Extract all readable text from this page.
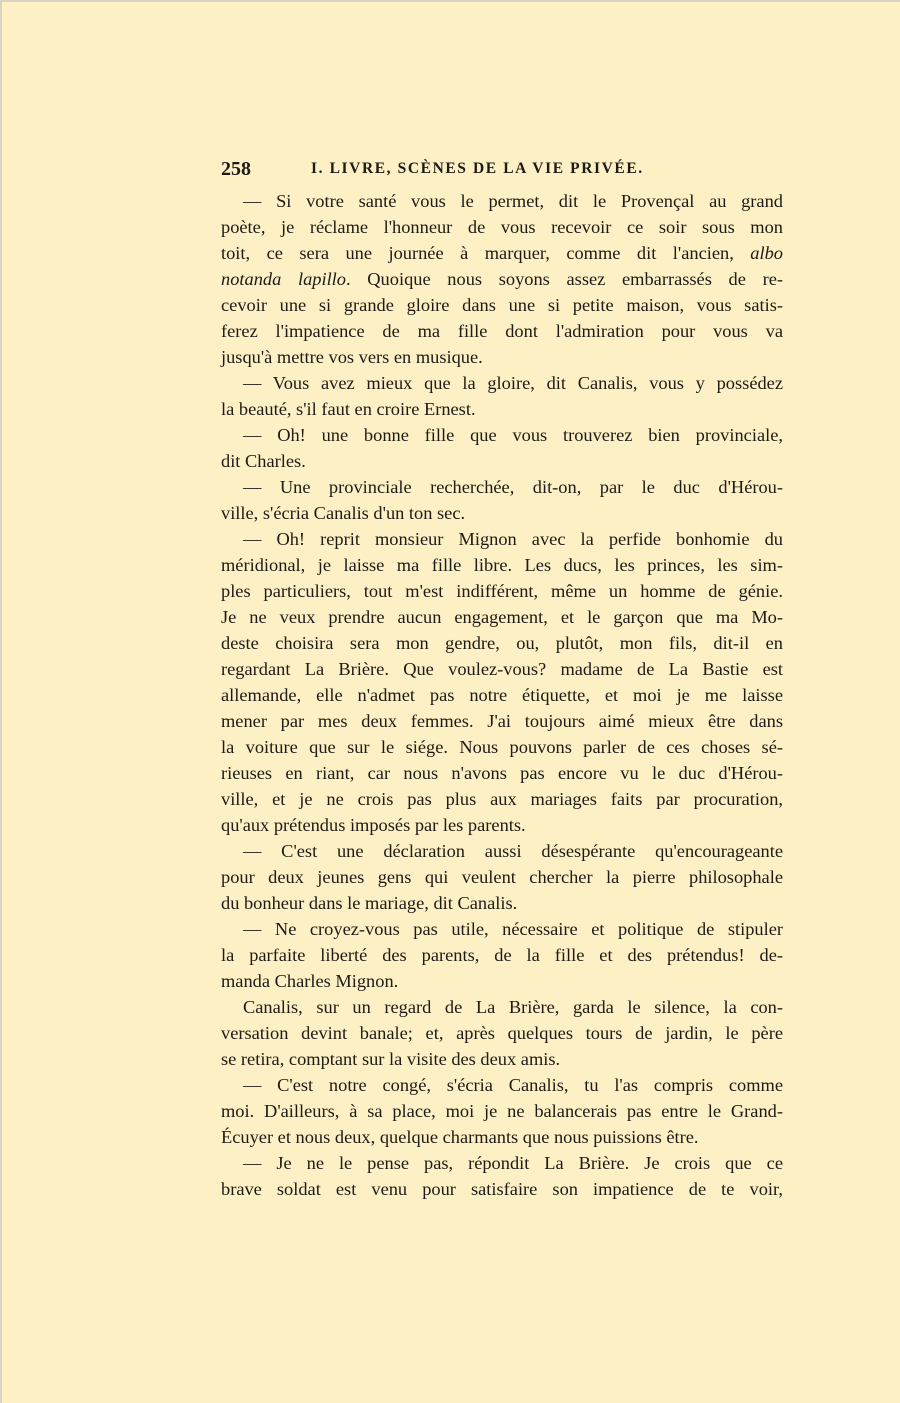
258	I. LIVRE, SCÈNES DE LA VIE PRIVÉE.
— Si votre santé vous le permet, dit le Provençal au grand
poète, je réclame l'honneur de vous recevoir ce soir sous mon
toit, ce sera une journée à marquer, comme dit l'ancien, albo
notanda lapillo. Quoique nous soyons assez embarrassés de re-
cevoir une si grande gloire dans une si petite maison, vous satis-
ferez l'impatience de ma fille dont l'admiration pour vous va
jusqu'à mettre vos vers en musique.
— Vous avez mieux que la gloire, dit Canalis, vous y possédez
la beauté, s'il faut en croire Ernest.
— Oh! une bonne fille que vous trouverez bien provinciale,
dit Charles.
— Une provinciale recherchée, dit-on, par le duc d'Hérou-
ville, s'écria Canalis d'un ton sec.
— Oh! reprit monsieur Mignon avec la perfide bonhomie du
méridional, je laisse ma fille libre. Les ducs, les princes, les sim-
ples particuliers, tout m'est indifférent, même un homme de génie.
Je ne veux prendre aucun engagement, et le garçon que ma Mo-
deste choisira sera mon gendre, ou, plutôt, mon fils, dit-il en
regardant La Brière. Que voulez-vous? madame de La Bastie est
allemande, elle n'admet pas notre étiquette, et moi je me laisse
mener par mes deux femmes. J'ai toujours aimé mieux être dans
la voiture que sur le siége. Nous pouvons parler de ces choses sé-
rieuses en riant, car nous n'avons pas encore vu le duc d'Hérou-
ville, et je ne crois pas plus aux mariages faits par procuration,
qu'aux prétendus imposés par les parents.
— C'est une déclaration aussi désespérante qu'encourageante
pour deux jeunes gens qui veulent chercher la pierre philosophale
du bonheur dans le mariage, dit Canalis.
— Ne croyez-vous pas utile, nécessaire et politique de stipuler
la parfaite liberté des parents, de la fille et des prétendus! de-
manda Charles Mignon.
Canalis, sur un regard de La Brière, garda le silence, la con-
versation devint banale; et, après quelques tours de jardin, le père
se retira, comptant sur la visite des deux amis.
— C'est notre congé, s'écria Canalis, tu l'as compris comme
moi. D'ailleurs, à sa place, moi je ne balancerais pas entre le Grand-
Écuyer et nous deux, quelque charmants que nous puissions être.
— Je ne le pense pas, répondit La Brière. Je crois que ce
brave soldat est venu pour satisfaire son impatience de te voir,
